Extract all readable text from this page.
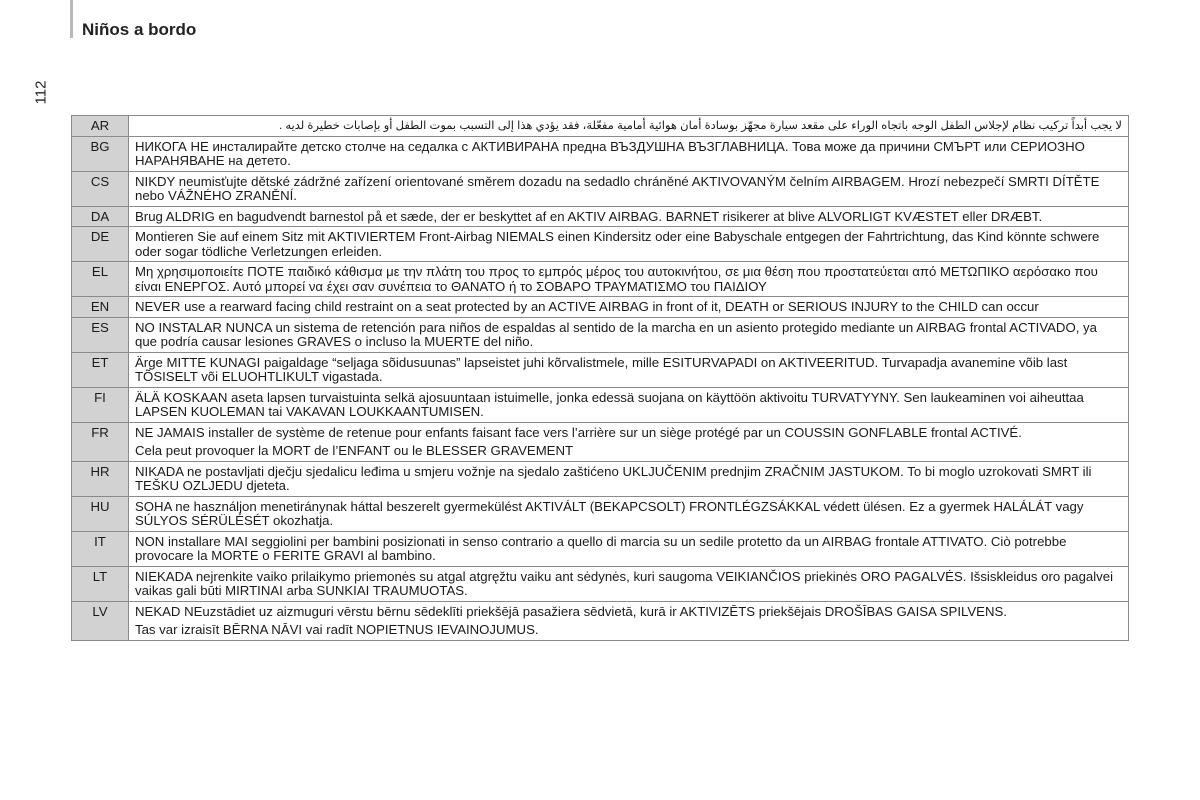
Niños a bordo
112
AR	لا يجب أبداً تركيب نظام لإجلاس الطفل الوجه باتجاه الوراء على مقعد سيارة مجهّز بوسادة أمان هوائية أمامية مفعّلة، فقد يؤدي هذا إلى التسبب بموت الطفل أو بإصابات خطيرة لديه .
BG	НИКОГА НЕ инсталирайте детско столче на седалка с АКТИВИРАНА предна ВЪЗДУШНА ВЪЗГЛАВНИЦА. Това може да причини СМЪРТ или СЕРИОЗНО НАРАНЯВАНЕ на детето.
CS	NIKDY neumisťujte dětské zádržné zařízení orientované směrem dozadu na sedadlo chráněné AKTIVOVANÝM čelním AIRBAGEM. Hrozí nebezpečí SMRTI DÍTĚTE nebo VÁŽNÉHO ZRANĚNÍ.
DA	Brug ALDRIG en bagudvendt barnestol på et sæde, der er beskyttet af en AKTIV AIRBAG. BARNET risikerer at blive ALVORLIGT KVÆSTET eller DRÆBT.
DE	Montieren Sie auf einem Sitz mit AKTIVIERTEM Front-Airbag NIEMALS einen Kindersitz oder eine Babyschale entgegen der Fahrtrichtung, das Kind könnte schwere oder sogar tödliche Verletzungen erleiden.
EL	Μη χρησιμοποιείτε ΠΟΤΕ παιδικό κάθισμα με την πλάτη του προς το εμπρός μέρος του αυτοκινήτου, σε μια θέση που προστατεύεται από ΜΕΤΩΠΙΚΟ αερόσακο που είναι ΕΝΕΡΓΟΣ. Αυτό μπορεί να έχει σαν συνέπεια το ΘΑΝΑΤΟ ή το ΣΟΒΑΡΟ ΤΡΑΥΜΑΤΙΣΜΟ του ΠΑΙΔΙΟΥ
EN	NEVER use a rearward facing child restraint on a seat protected by an ACTIVE AIRBAG in front of it, DEATH or SERIOUS INJURY to the CHILD can occur
ES	NO INSTALAR NUNCA un sistema de retención para niños de espaldas al sentido de la marcha en un asiento protegido mediante un AIRBAG frontal ACTIVADO, ya que podría causar lesiones GRAVES o incluso la MUERTE del niño.
ET	Ärge MITTE KUNAGI paigaldage “seljaga sõidusuunas” lapseistet juhi kõrvalistmele, mille ESITURVAPADI on AKTIVEERITUD. Turvapadja avanemine võib last TÕSISELT või ELUOHTLIKULT vigastada.
FI	ÄLÄ KOSKAAN aseta lapsen turvaistuinta selkä ajosuuntaan istuimelle, jonka edessä suojana on käyttöön aktivoitu TURVATYYNY. Sen laukeaminen voi aiheuttaa LAPSEN KUOLEMAN tai VAKAVAN LOUKKAANTUMISEN.
FR	NE JAMAIS installer de système de retenue pour enfants faisant face vers l’arrière sur un siège protégé par un COUSSIN GONFLABLE frontal ACTIVÉ.
Cela peut provoquer la MORT de l’ENFANT ou le BLESSER GRAVEMENT

HR	NIKADA ne postavljati dječju sjedalicu leđima u smjeru vožnje na sjedalo zaštićeno UKLJUČENIM prednjim ZRAČNIM JASTUKOM. To bi moglo uzrokovati SMRT ili TEŠKU OZLJEDU djeteta.
HU	SOHA ne használjon menetiránynak háttal beszerelt gyermekülést AKTIVÁLT (BEKAPCSOLT) FRONTLÉGZSÁKKAL védett ülésen. Ez a gyermek HALÁLÁT vagy SÚLYOS SÉRÜLÉSÉT okozhatja.
IT	NON installare MAI seggiolini per bambini posizionati in senso contrario a quello di marcia su un sedile protetto da un AIRBAG frontale ATTIVATO. Ciò potrebbe provocare la MORTE o FERITE GRAVI al bambino.
LT	NIEKADA nejrenkite vaiko prilaikymo priemonės su atgal atgręžtu vaiku ant sėdynės, kuri saugoma VEIKIANČIOS priekinės ORO PAGALVĖS. Išsiskleidus oro pagalvei vaikas gali būti MIRTINAI arba SUNKIAI TRAUMUOTAS.
LV	NEKAD NEuzstādiet uz aizmuguri vērstu bērnu sēdeklīti priekšējā pasažiera sēdvietā, kurā ir AKTIVIZĒTS priekšējais DROŠĪBAS GAISA SPILVENS.
Tas var izraisīt BĒRNA NĀVI vai radīt NOPIETNUS IEVAINOJUMUS.
